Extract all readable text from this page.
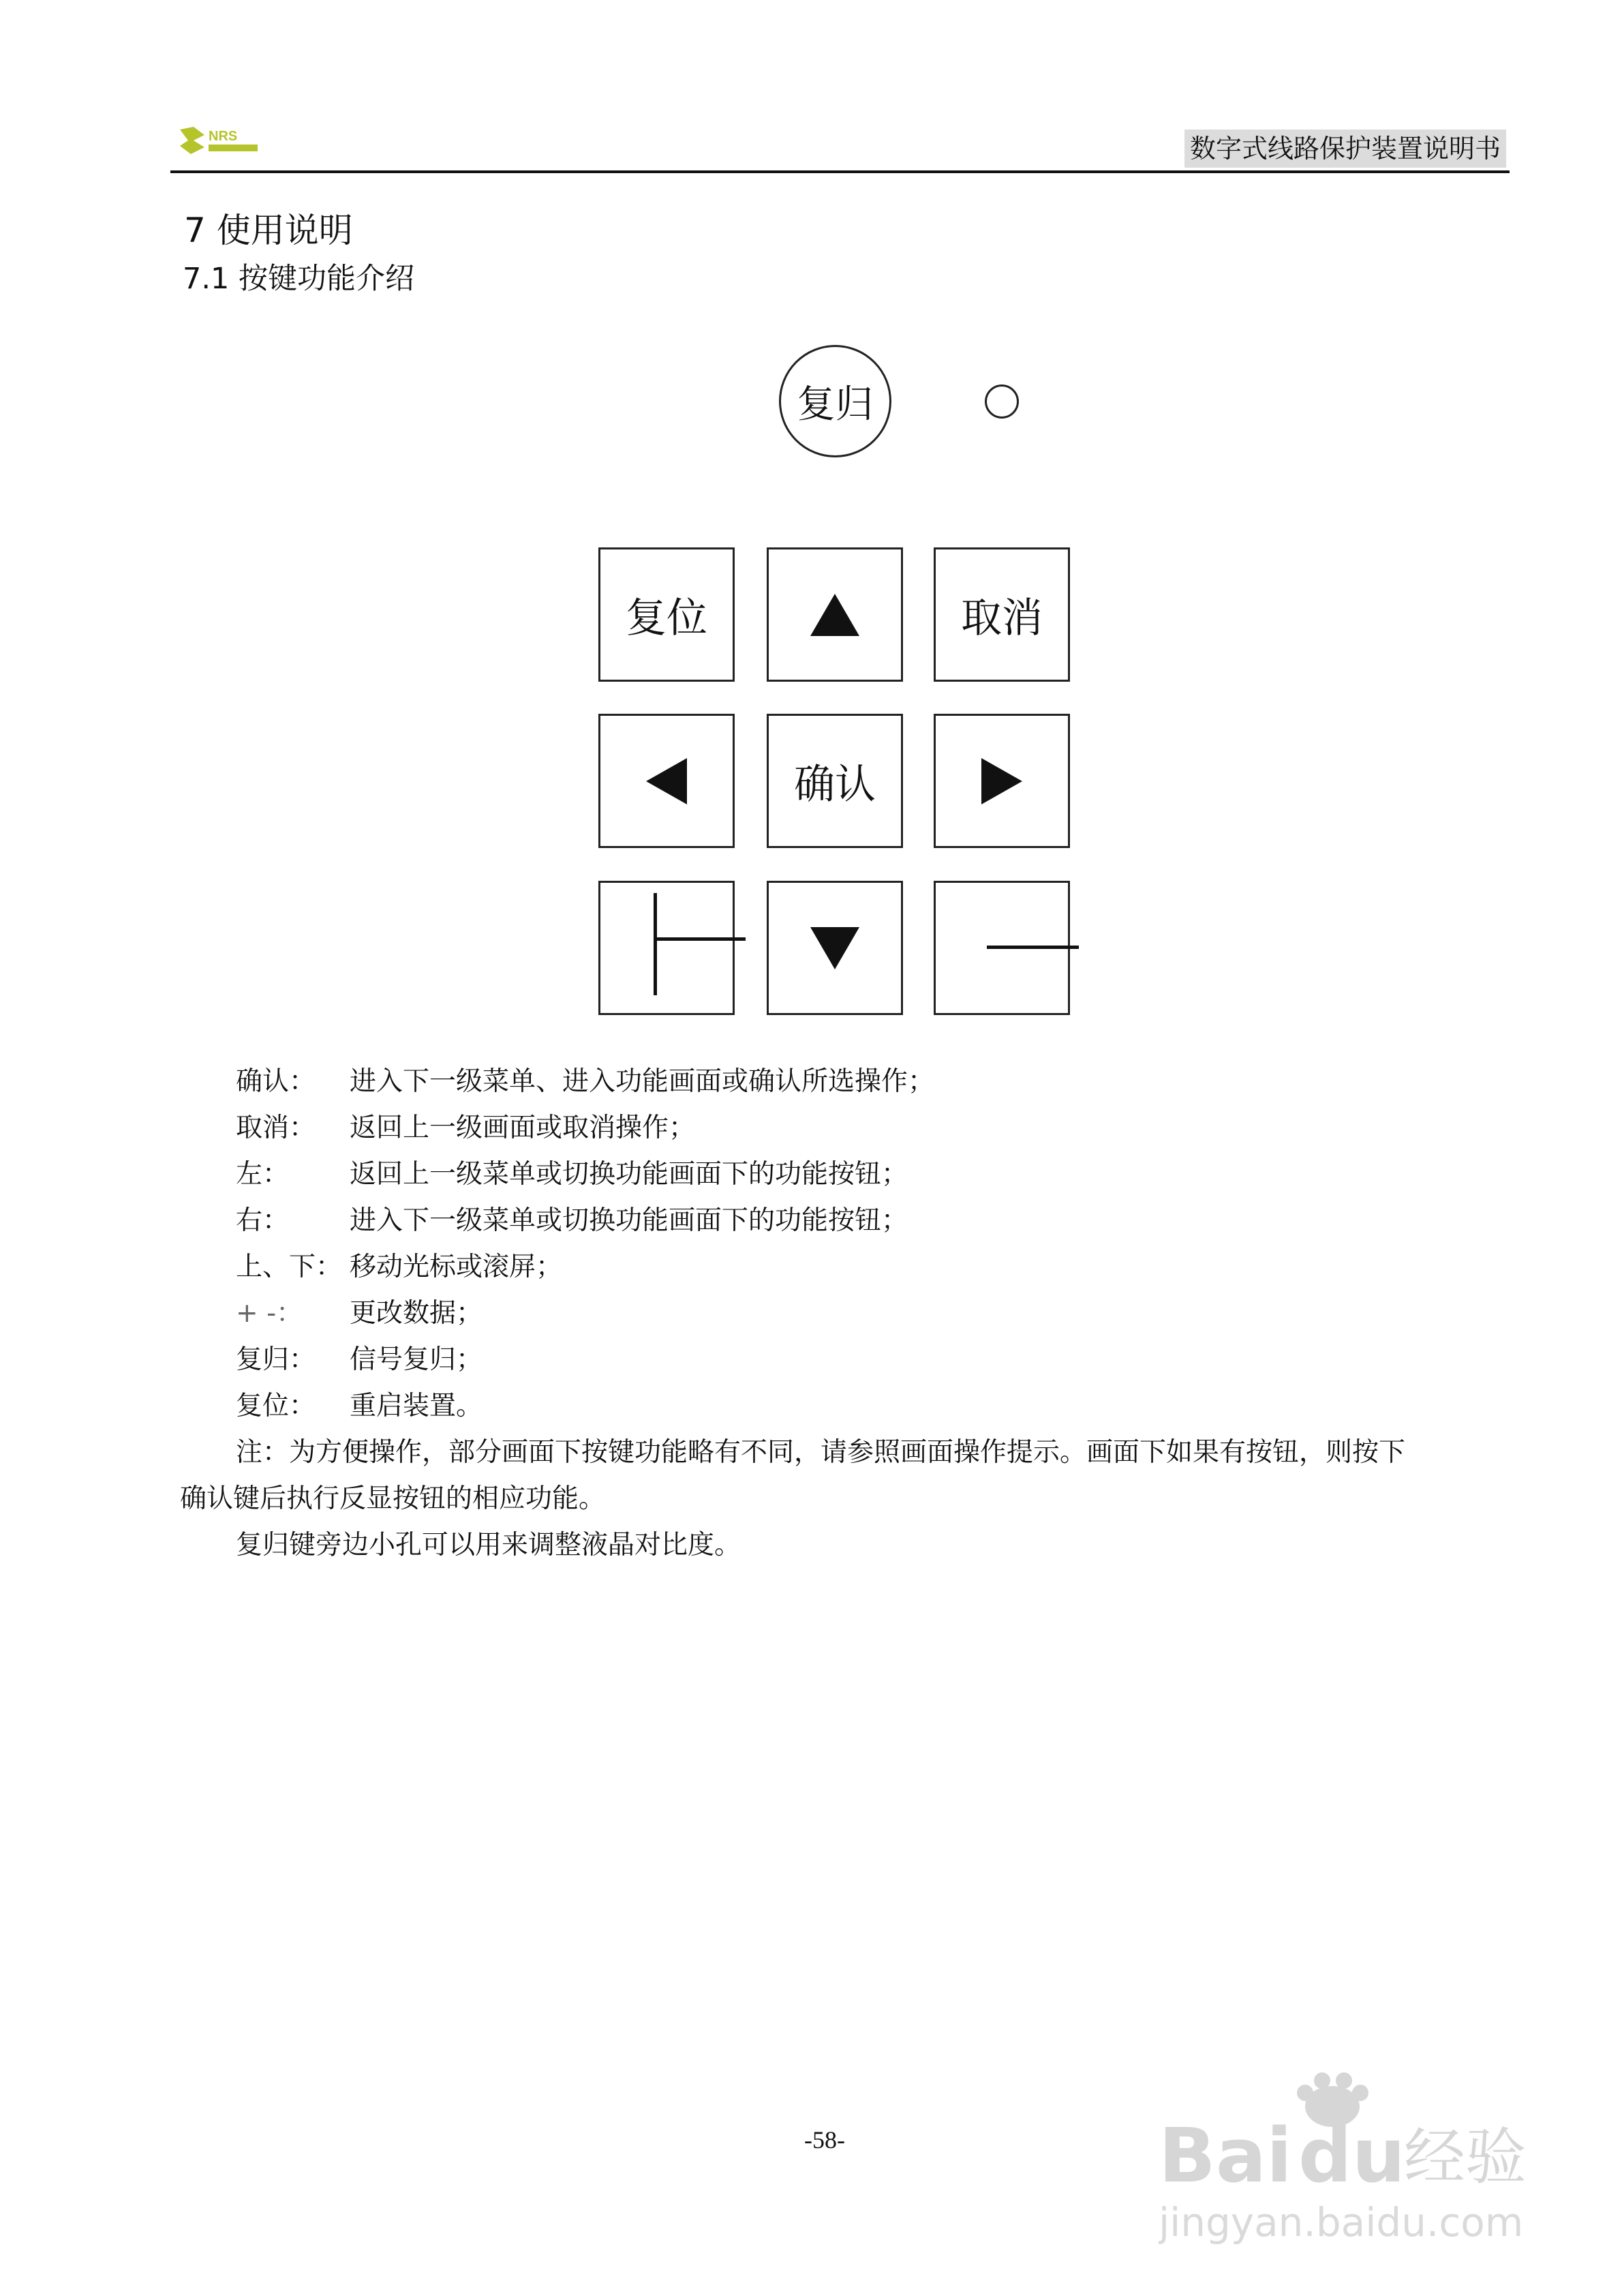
NRS	数字式线路保护装置说明书
7 使用说明
7.1 按键功能介绍
复归
复位	取消
确认
确认： 进入下一级菜单、进入功能画面或确认所选操作；
取消： 返回上一级画面或取消操作；
左： 返回上一级菜单或切换功能画面下的功能按钮；
右： 进入下一级菜单或切换功能画面下的功能按钮；
上、下： 移动光标或滚屏；
+ -： 更改数据；
复归： 信号复归；
复位： 重启装置。
注：为方便操作，部分画面下按键功能略有不同，请参照画面操作提示。画面下如果有按钮，则按下
确认键后执行反显按钮的相应功能。
复归键旁边小孔可以用来调整液晶对比度。
-58-	Bai du
经验
jingyan.baidu.com
